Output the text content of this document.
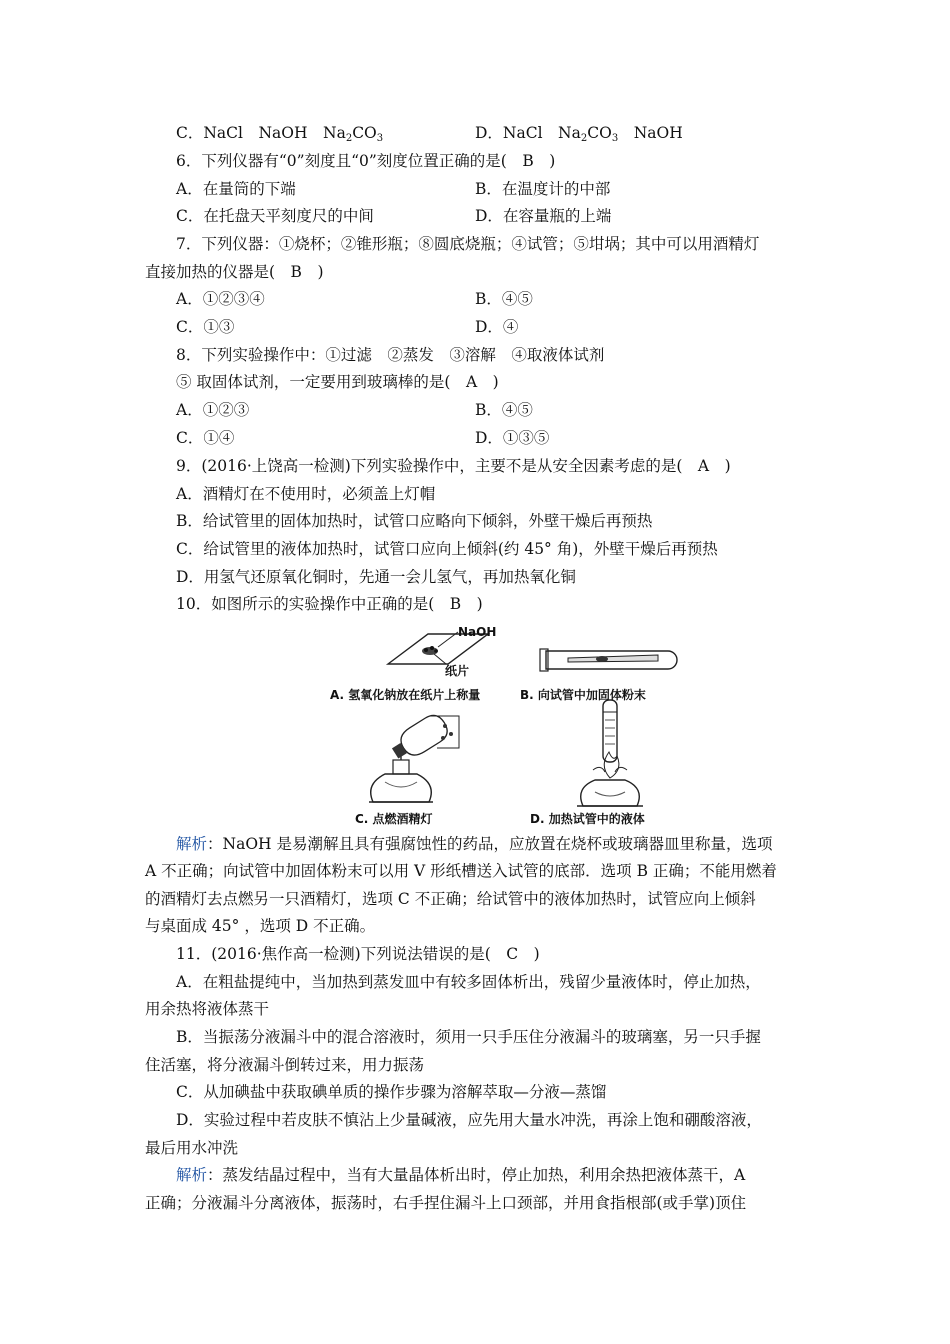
C．NaCl　NaOH　$Na_2CO_3$	D．NaCl　$Na_2CO_3$　NaOH
6．下列仪器有“0”刻度且“0”刻度位置正确的是(　B　)
A．在量筒的下端	B．在温度计的中部
C．在托盘天平刻度尺的中间	D．在容量瓶的上端
7．下列仪器：①烧杯；②锥形瓶；⑧圆底烧瓶；④试管；⑤坩埚；其中可以用酒精灯
直接加热的仪器是(　B　)
A．①②③④	B．④⑤
C．①③	D．④
8．下列实验操作中：①过滤　②蒸发　③溶解　④取液体试剂
⑤ 取固体试剂，一定要用到玻璃棒的是(　A　)
A．①②③	B．④⑤
C．①④	D．①③⑤
9．(2016·上饶高一检测)下列实验操作中，主要不是从安全因素考虑的是(　A　)
A．酒精灯在不使用时，必须盖上灯帽
B．给试管里的固体加热时，试管口应略向下倾斜，外壁干燥后再预热
C．给试管里的液体加热时，试管口应向上倾斜(约 45° 角)，外壁干燥后再预热
D．用氢气还原氧化铜时，先通一会儿氢气，再加热氧化铜
10．如图所示的实验操作中正确的是(　B　)
NaOH
纸片
A. 氢氧化钠放在纸片上称量	B. 向试管中加固体粉末
C. 点燃酒精灯	D. 加热试管中的液体
解析：NaOH 是易潮解且具有强腐蚀性的药品，应放置在烧杯或玻璃器皿里称量，选项
A 不正确；向试管中加固体粉末可以用 V 形纸槽送入试管的底部．选项 B 正确；不能用燃着
的酒精灯去点燃另一只酒精灯，选项 C 不正确；给试管中的液体加热时，试管应向上倾斜
与桌面成 45° ，选项 D 不正确。
11．(2016·焦作高一检测)下列说法错误的是(　C　)
A．在粗盐提纯中，当加热到蒸发皿中有较多固体析出，残留少量液体时，停止加热，
用余热将液体蒸干
B．当振荡分液漏斗中的混合溶液时，须用一只手压住分液漏斗的玻璃塞，另一只手握
住活塞，将分液漏斗倒转过来，用力振荡
C．从加碘盐中获取碘单质的操作步骤为溶解萃取—分液—蒸馏
D．实验过程中若皮肤不慎沾上少量碱液，应先用大量水冲洗，再涂上饱和硼酸溶液，
最后用水冲洗
解析：蒸发结晶过程中，当有大量晶体析出时，停止加热，利用余热把液体蒸干，A
正确；分液漏斗分离液体，振荡时，右手捏住漏斗上口颈部，并用食指根部(或手掌)顶住
